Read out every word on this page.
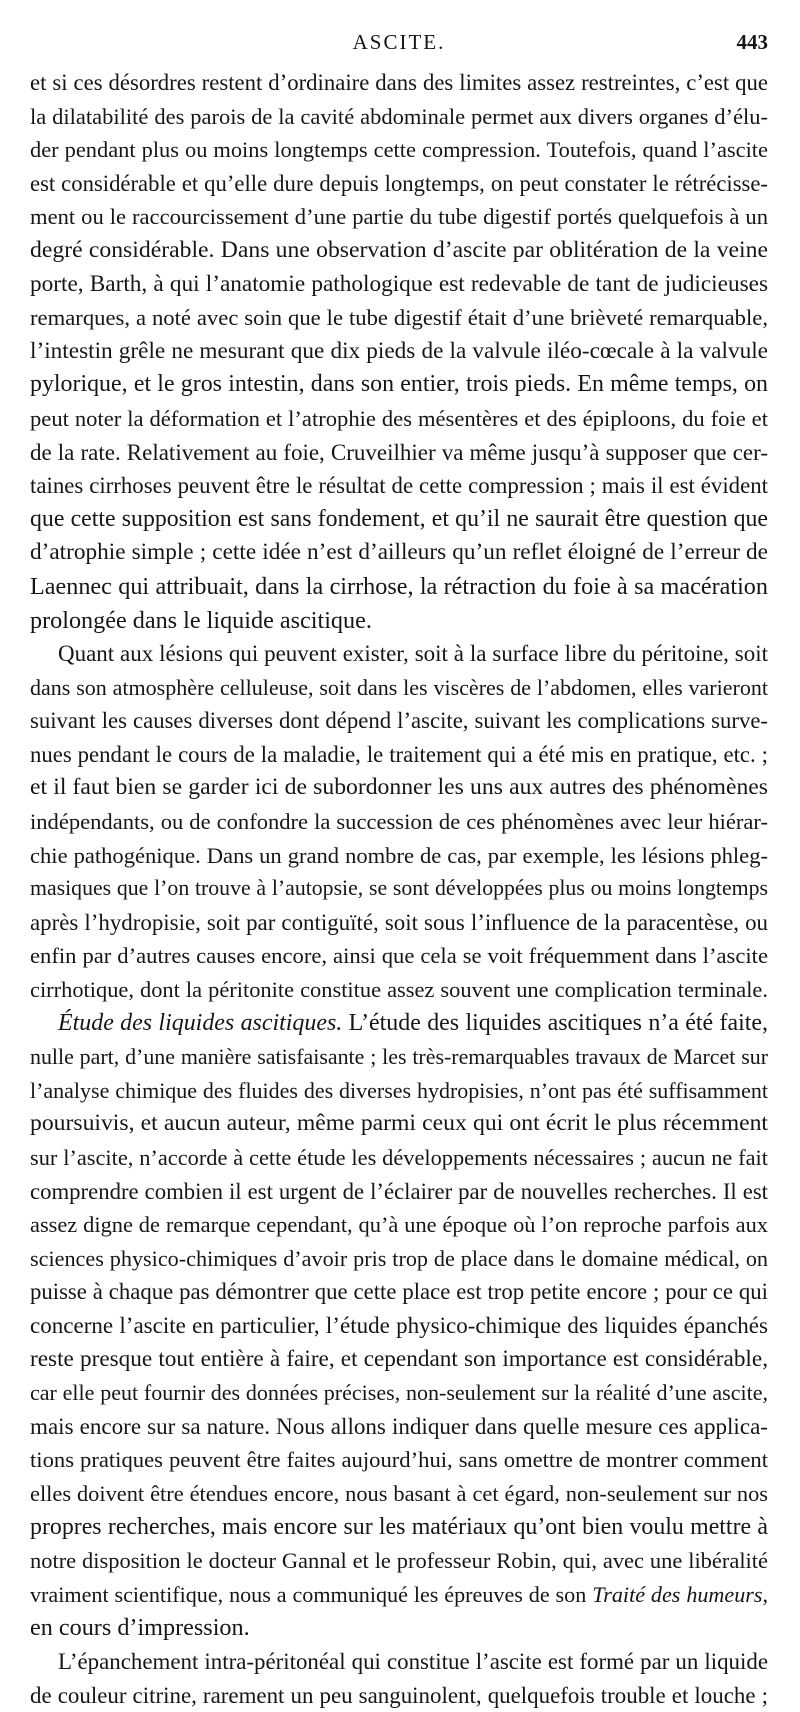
ASCITE.	443
et si ces désordres restent d’ordinaire dans des limites assez restreintes, c’est que
la dilatabilité des parois de la cavité abdominale permet aux divers organes d’élu-
der pendant plus ou moins longtemps cette compression. Toutefois, quand l’ascite
est considérable et qu’elle dure depuis longtemps, on peut constater le rétrécisse-
ment ou le raccourcissement d’une partie du tube digestif portés quelquefois à un
degré considérable. Dans une observation d’ascite par oblitération de la veine
porte, Barth, à qui l’anatomie pathologique est redevable de tant de judicieuses
remarques, a noté avec soin que le tube digestif était d’une brièveté remarquable,
l’intestin grêle ne mesurant que dix pieds de la valvule iléo-cœcale à la valvule
pylorique, et le gros intestin, dans son entier, trois pieds. En même temps, on
peut noter la déformation et l’atrophie des mésentères et des épiploons, du foie et
de la rate. Relativement au foie, Cruveilhier va même jusqu’à supposer que cer-
taines cirrhoses peuvent être le résultat de cette compression ; mais il est évident
que cette supposition est sans fondement, et qu’il ne saurait être question que
d’atrophie simple ; cette idée n’est d’ailleurs qu’un reflet éloigné de l’erreur de
Laennec qui attribuait, dans la cirrhose, la rétraction du foie à sa macération
prolongée dans le liquide ascitique.
Quant aux lésions qui peuvent exister, soit à la surface libre du péritoine, soit
dans son atmosphère celluleuse, soit dans les viscères de l’abdomen, elles varieront
suivant les causes diverses dont dépend l’ascite, suivant les complications surve-
nues pendant le cours de la maladie, le traitement qui a été mis en pratique, etc. ;
et il faut bien se garder ici de subordonner les uns aux autres des phénomènes
indépendants, ou de confondre la succession de ces phénomènes avec leur hiérar-
chie pathogénique. Dans un grand nombre de cas, par exemple, les lésions phleg-
masiques que l’on trouve à l’autopsie, se sont développées plus ou moins longtemps
après l’hydropisie, soit par contiguïté, soit sous l’influence de la paracentèse, ou
enfin par d’autres causes encore, ainsi que cela se voit fréquemment dans l’ascite
cirrhotique, dont la péritonite constitue assez souvent une complication terminale.
Étude des liquides ascitiques. L’étude des liquides ascitiques n’a été faite,
nulle part, d’une manière satisfaisante ; les très-remarquables travaux de Marcet sur
l’analyse chimique des fluides des diverses hydropisies, n’ont pas été suffisamment
poursuivis, et aucun auteur, même parmi ceux qui ont écrit le plus récemment
sur l’ascite, n’accorde à cette étude les développements nécessaires ; aucun ne fait
comprendre combien il est urgent de l’éclairer par de nouvelles recherches. Il est
assez digne de remarque cependant, qu’à une époque où l’on reproche parfois aux
sciences physico-chimiques d’avoir pris trop de place dans le domaine médical, on
puisse à chaque pas démontrer que cette place est trop petite encore ; pour ce qui
concerne l’ascite en particulier, l’étude physico-chimique des liquides épanchés
reste presque tout entière à faire, et cependant son importance est considérable,
car elle peut fournir des données précises, non-seulement sur la réalité d’une ascite,
mais encore sur sa nature. Nous allons indiquer dans quelle mesure ces applica-
tions pratiques peuvent être faites aujourd’hui, sans omettre de montrer comment
elles doivent être étendues encore, nous basant à cet égard, non-seulement sur nos
propres recherches, mais encore sur les matériaux qu’ont bien voulu mettre à
notre disposition le docteur Gannal et le professeur Robin, qui, avec une libéralité
vraiment scientifique, nous a communiqué les épreuves de son Traité des humeurs,
en cours d’impression.
L’épanchement intra-péritonéal qui constitue l’ascite est formé par un liquide
de couleur citrine, rarement un peu sanguinolent, quelquefois trouble et louche ;
